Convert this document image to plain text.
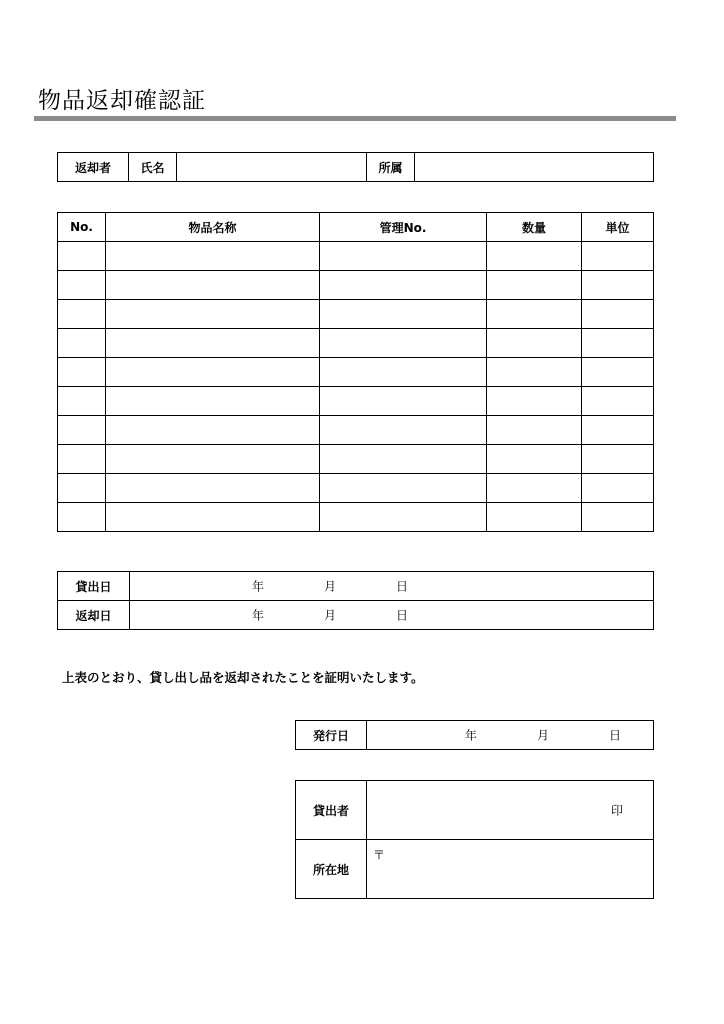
物品返却確認証
返却者	氏名		所属	
No.	物品名称	管理No.	数量	単位

貸出日	年 月 日

返却日	年 月 日
上表のとおり、貸し出し品を返却されたことを証明いたします。
発行日	年	月	日
貸出者	印

所在地	〒
